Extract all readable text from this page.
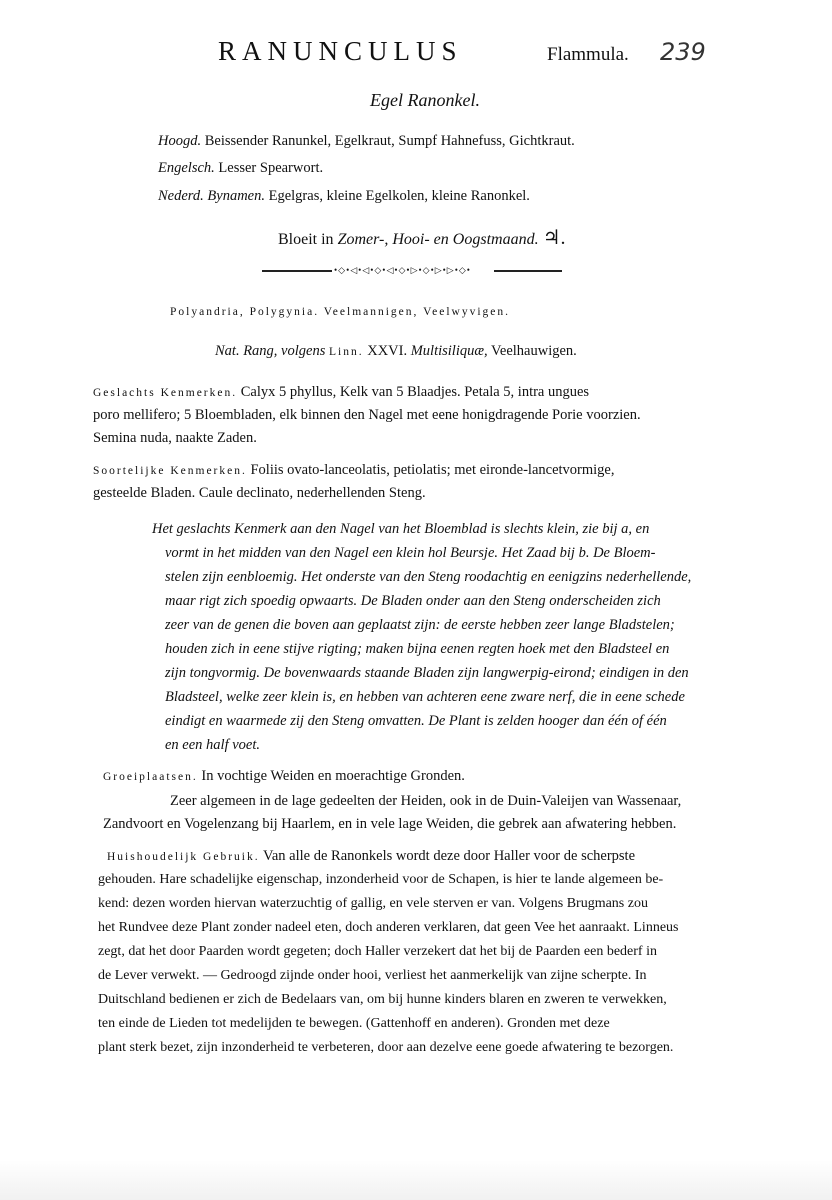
RANUNCULUS	Flammula. 239
Egel Ranonkel.
Hoogd. Beissender Ranunkel, Egelkraut, Sumpf Hahnefuss, Gichtkraut.
Engelsch. Lesser Spearwort.
Nederd. Bynamen. Egelgras, kleine Egelkolen, kleine Ranonkel.
Bloeit in Zomer-, Hooi- en Oogstmaand. ♃.
•◇•◁•◁•◇•◁•◇•▷•◇•▷•▷•◇•
Polyandria, Polygynia. Veelmannigen, Veelwyvigen.
Nat. Rang, volgens Linn. XXVI. Multisiliquæ, Veelhauwigen.
Geslachts Kenmerken. Calyx 5 phyllus, Kelk van 5 Blaadjes. Petala 5, intra ungues
poro mellifero; 5 Bloembladen, elk binnen den Nagel met eene honigdragende Porie voorzien.
Semina nuda, naakte Zaden.
Soortelijke Kenmerken. Foliis ovato-lanceolatis, petiolatis; met eironde-lancetvormige,
gesteelde Bladen. Caule declinato, nederhellenden Steng.
Het geslachts Kenmerk aan den Nagel van het Bloemblad is slechts klein, zie bij a, en
vormt in het midden van den Nagel een klein hol Beursje. Het Zaad bij b. De Bloem-
stelen zijn eenbloemig. Het onderste van den Steng roodachtig en eenigzins nederhellende,
maar rigt zich spoedig opwaarts. De Bladen onder aan den Steng onderscheiden zich
zeer van de genen die boven aan geplaatst zijn: de eerste hebben zeer lange Bladstelen;
houden zich in eene stijve rigting; maken bijna eenen regten hoek met den Bladsteel en
zijn tongvormig. De bovenwaards staande Bladen zijn langwerpig-eirond; eindigen in den
Bladsteel, welke zeer klein is, en hebben van achteren eene zware nerf, die in eene schede
eindigt en waarmede zij den Steng omvatten. De Plant is zelden hooger dan één of één
en een half voet.
Groeiplaatsen. In vochtige Weiden en moerachtige Gronden.
Zeer algemeen in de lage gedeelten der Heiden, ook in de Duin-Valeijen van Wassenaar,
Zandvoort en Vogelenzang bij Haarlem, en in vele lage Weiden, die gebrek aan afwatering hebben.
Huishoudelijk Gebruik. Van alle de Ranonkels wordt deze door Haller voor de scherpste
gehouden. Hare schadelijke eigenschap, inzonderheid voor de Schapen, is hier te lande algemeen be-
kend: dezen worden hiervan waterzuchtig of gallig, en vele sterven er van. Volgens Brugmans zou
het Rundvee deze Plant zonder nadeel eten, doch anderen verklaren, dat geen Vee het aanraakt. Linneus
zegt, dat het door Paarden wordt gegeten; doch Haller verzekert dat het bij de Paarden een bederf in
de Lever verwekt. — Gedroogd zijnde onder hooi, verliest het aanmerkelijk van zijne scherpte. In
Duitschland bedienen er zich de Bedelaars van, om bij hunne kinders blaren en zweren te verwekken,
ten einde de Lieden tot medelijden te bewegen. (Gattenhoff en anderen). Gronden met deze
plant sterk bezet, zijn inzonderheid te verbeteren, door aan dezelve eene goede afwatering te bezorgen.
